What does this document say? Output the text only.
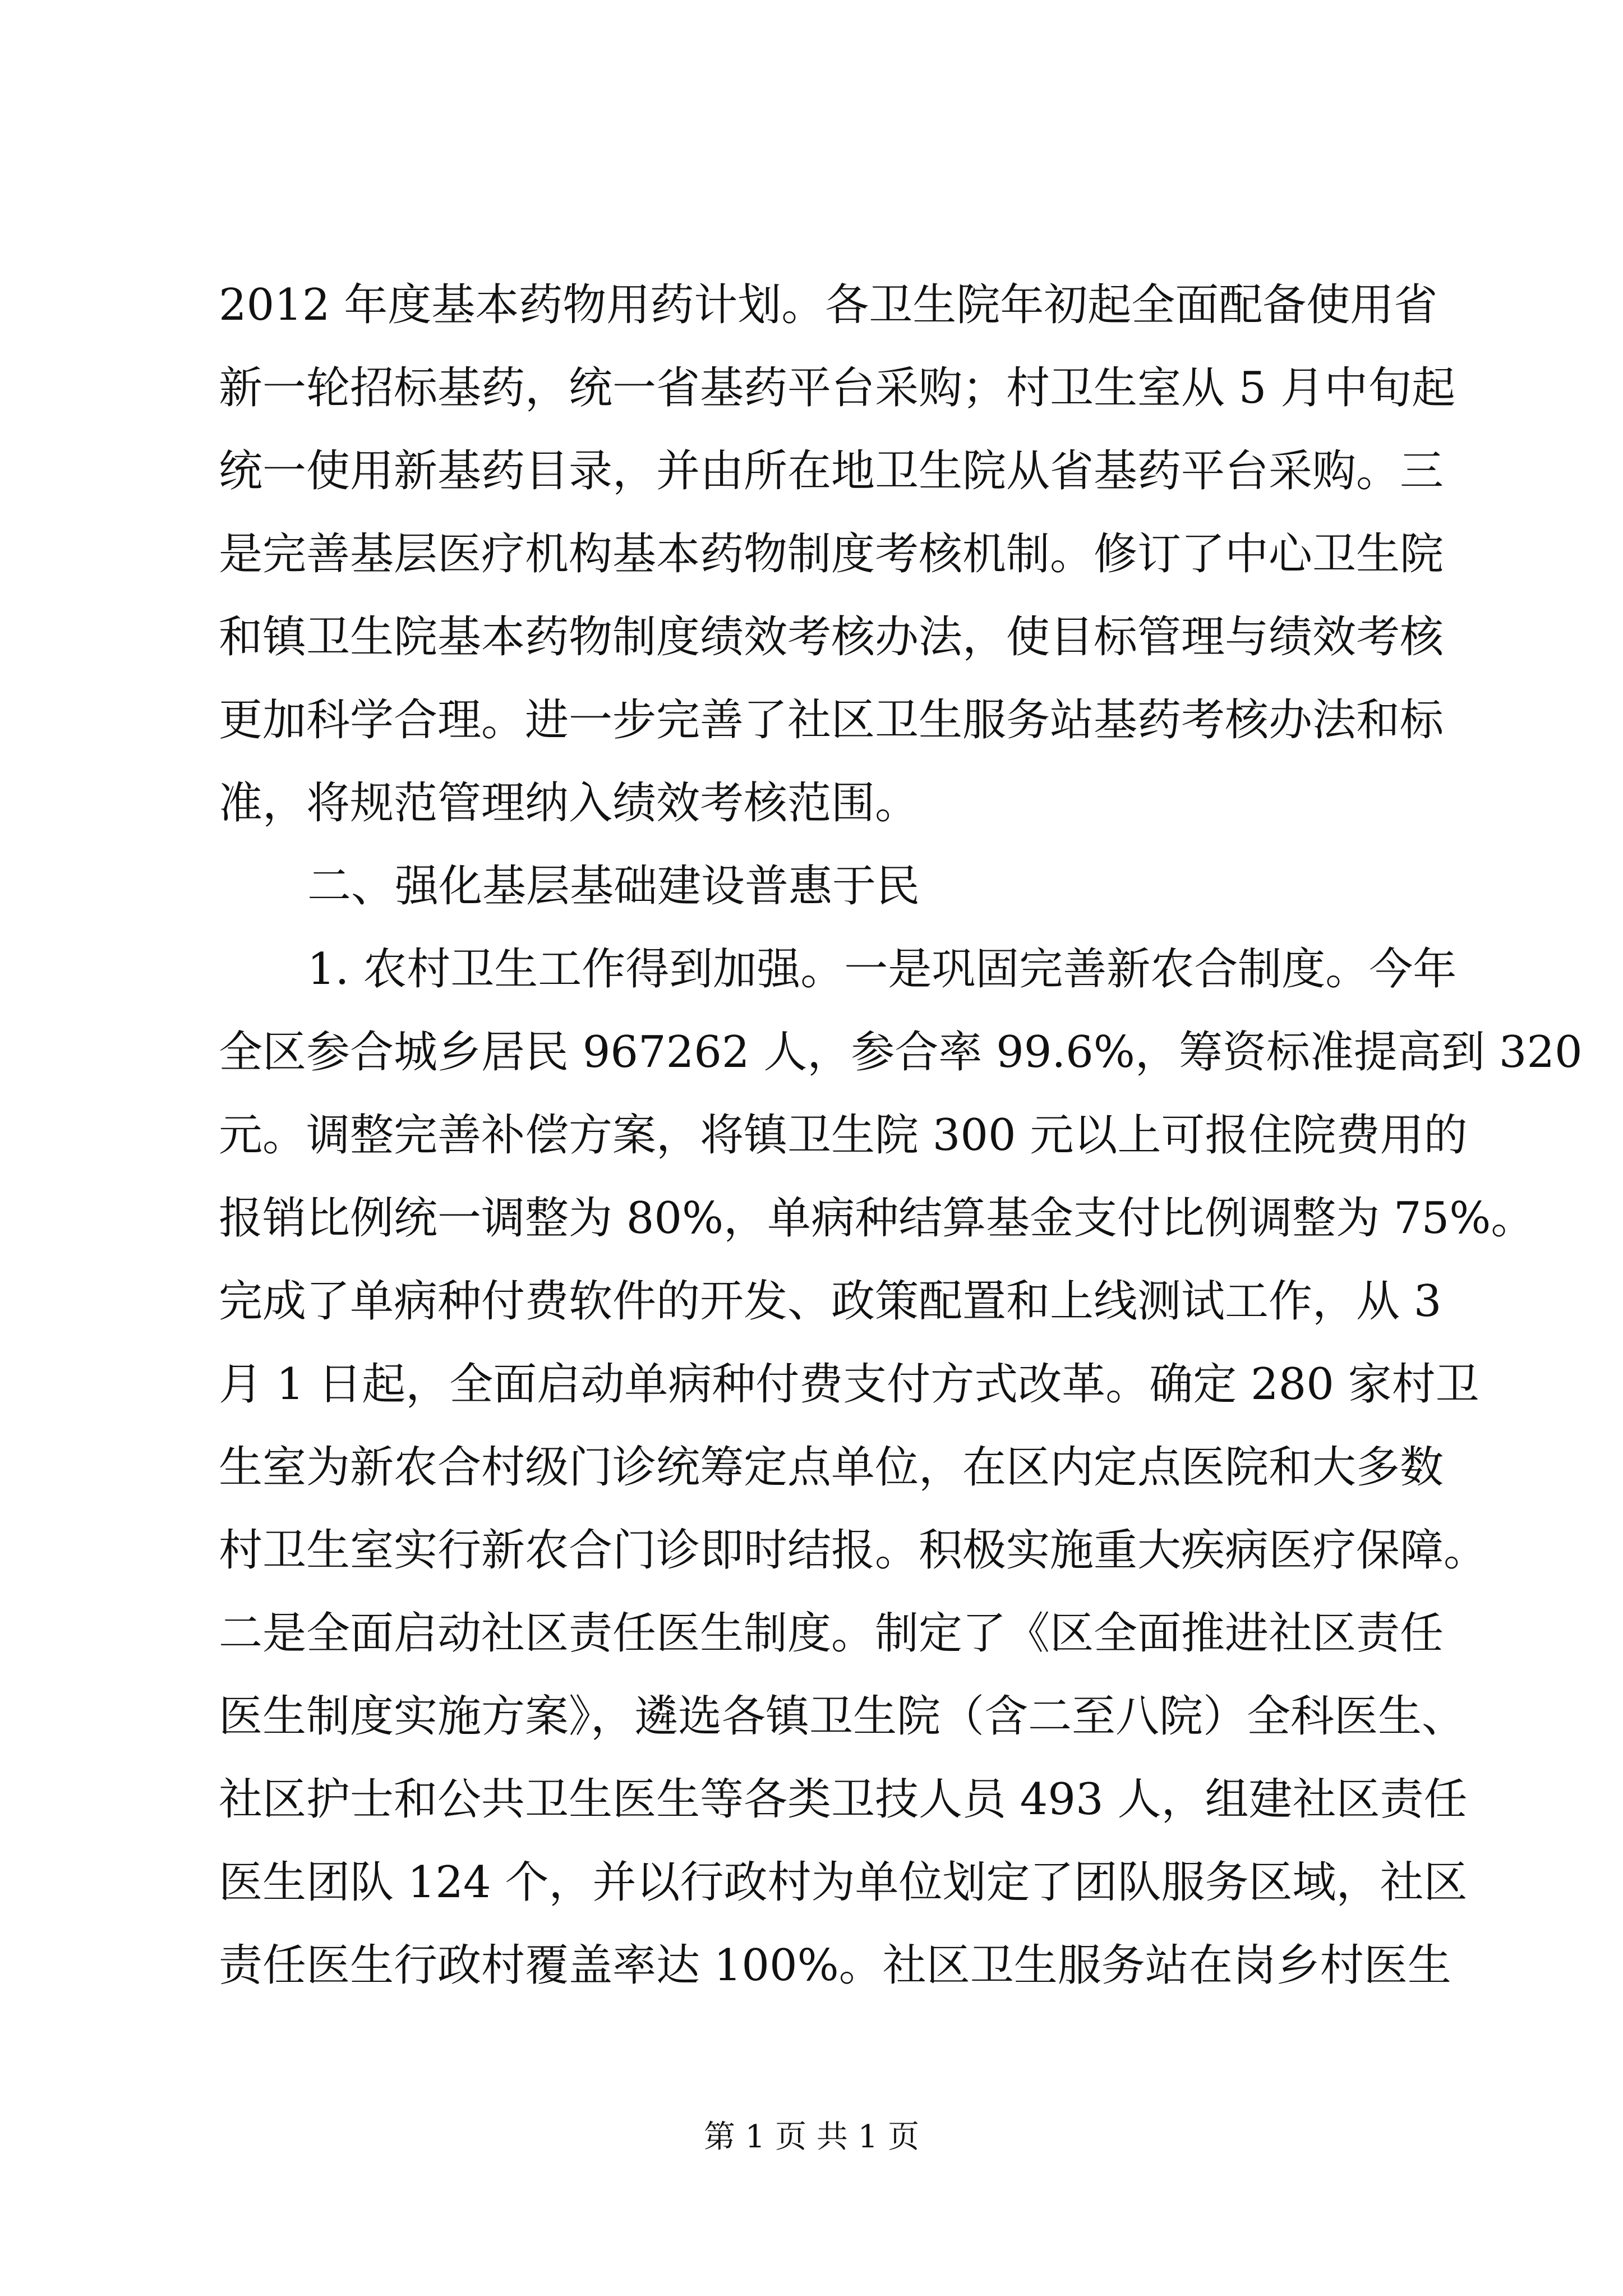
2012 年度基本药物用药计划。各卫生院年初起全面配备使用省
新一轮招标基药，统一省基药平台采购；村卫生室从 5 月中旬起
统一使用新基药目录，并由所在地卫生院从省基药平台采购。三
是完善基层医疗机构基本药物制度考核机制。修订了中心卫生院
和镇卫生院基本药物制度绩效考核办法，使目标管理与绩效考核
更加科学合理。进一步完善了社区卫生服务站基药考核办法和标
准，将规范管理纳入绩效考核范围。
二、强化基层基础建设普惠于民
1. 农村卫生工作得到加强。一是巩固完善新农合制度。今年
全区参合城乡居民 967262 人，参合率 99.6%，筹资标准提高到 320
元。调整完善补偿方案，将镇卫生院 300 元以上可报住院费用的
报销比例统一调整为 80%，单病种结算基金支付比例调整为 75%。
完成了单病种付费软件的开发、政策配置和上线测试工作，从 3
月 1 日起，全面启动单病种付费支付方式改革。确定 280 家村卫
生室为新农合村级门诊统筹定点单位，在区内定点医院和大多数
村卫生室实行新农合门诊即时结报。积极实施重大疾病医疗保障。
二是全面启动社区责任医生制度。制定了《区全面推进社区责任
医生制度实施方案》，遴选各镇卫生院（含二至八院）全科医生、
社区护士和公共卫生医生等各类卫技人员 493 人，组建社区责任
医生团队 124 个，并以行政村为单位划定了团队服务区域，社区
责任医生行政村覆盖率达 100%。社区卫生服务站在岗乡村医生
第 1 页 共 1 页
